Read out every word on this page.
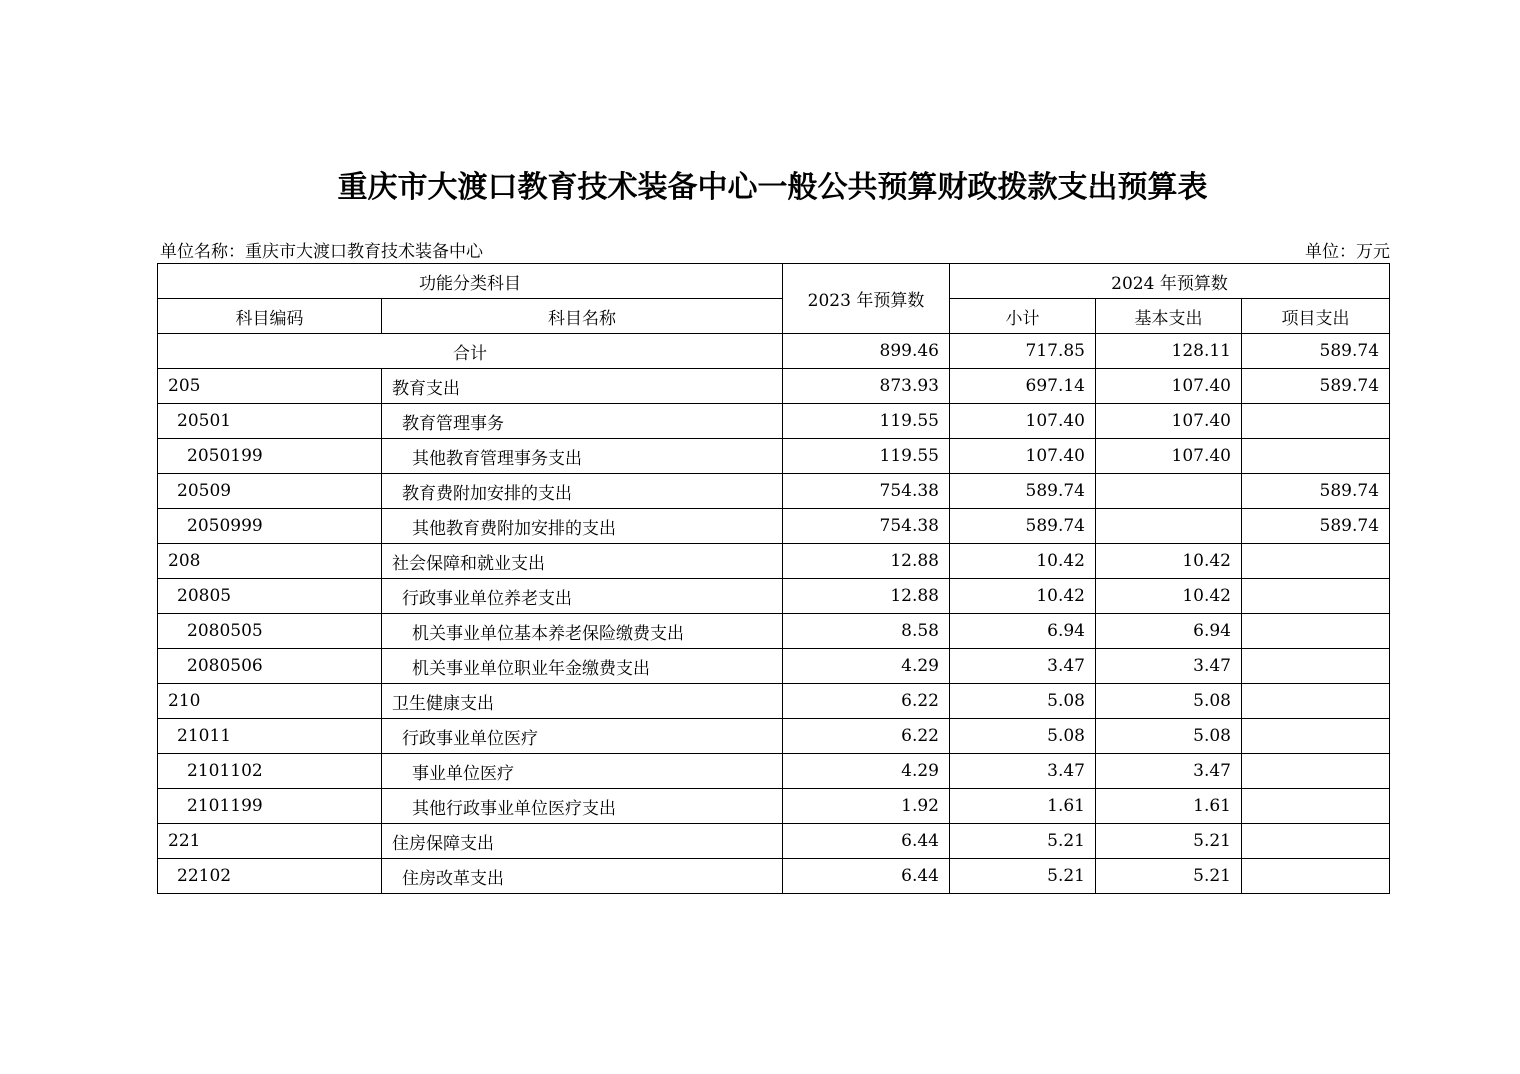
重庆市大渡口教育技术装备中心一般公共预算财政拨款支出预算表
单位名称：重庆市大渡口教育技术装备中心	单位：万元
功能分类科目		2023 年预算数	2024 年预算数		
科目编码	科目名称		小计	基本支出	项目支出
合计		899.46	717.85	128.11	589.74
205	教育支出	873.93	697.14	107.40	589.74
20501	教育管理事务	119.55	107.40	107.40	
2050199	其他教育管理事务支出	119.55	107.40	107.40	
20509	教育费附加安排的支出	754.38	589.74		589.74
2050999	其他教育费附加安排的支出	754.38	589.74		589.74
208	社会保障和就业支出	12.88	10.42	10.42	
20805	行政事业单位养老支出	12.88	10.42	10.42	
2080505	机关事业单位基本养老保险缴费支出	8.58	6.94	6.94	
2080506	机关事业单位职业年金缴费支出	4.29	3.47	3.47	
210	卫生健康支出	6.22	5.08	5.08	
21011	行政事业单位医疗	6.22	5.08	5.08	
2101102	事业单位医疗	4.29	3.47	3.47	
2101199	其他行政事业单位医疗支出	1.92	1.61	1.61	
221	住房保障支出	6.44	5.21	5.21	
22102	住房改革支出	6.44	5.21	5.21	
